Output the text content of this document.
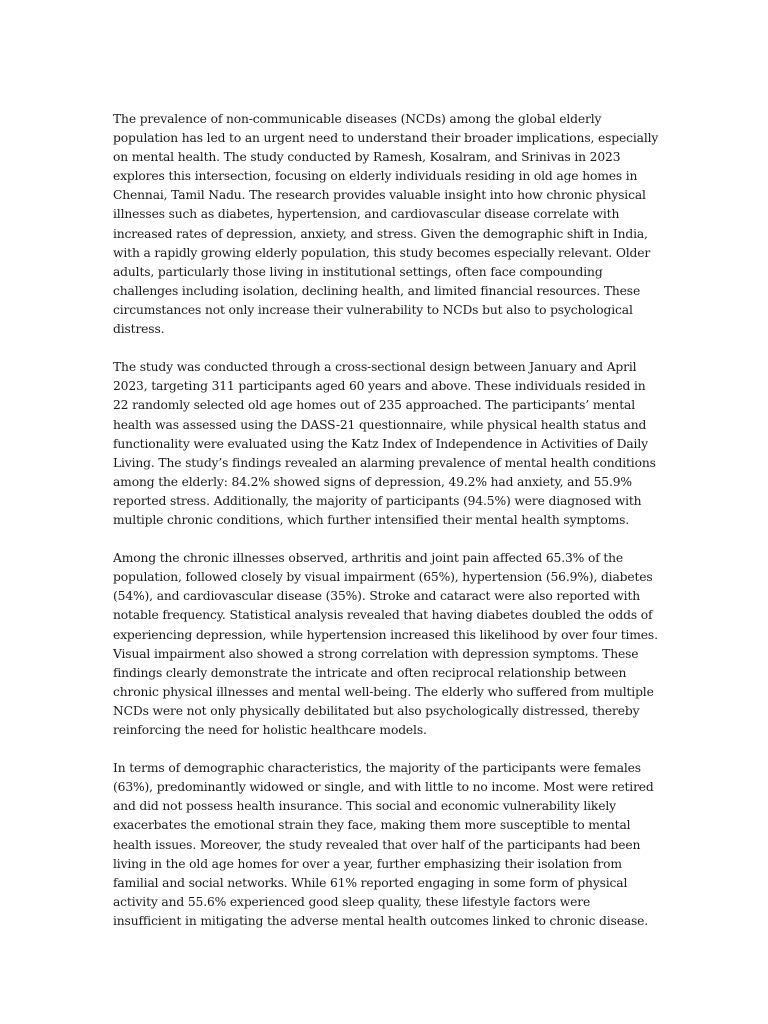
The prevalence of non-communicable diseases (NCDs) among the global elderly population has led to an urgent need to understand their broader implications, especially on mental health. The study conducted by Ramesh, Kosalram, and Srinivas in 2023 explores this intersection, focusing on elderly individuals residing in old age homes in Chennai, Tamil Nadu. The research provides valuable insight into how chronic physical illnesses such as diabetes, hypertension, and cardiovascular disease correlate with increased rates of depression, anxiety, and stress. Given the demographic shift in India, with a rapidly growing elderly population, this study becomes especially relevant. Older adults, particularly those living in institutional settings, often face compounding challenges including isolation, declining health, and limited financial resources. These circumstances not only increase their vulnerability to NCDs but also to psychological distress.

The study was conducted through a cross-sectional design between January and April 2023, targeting 311 participants aged 60 years and above. These individuals resided in 22 randomly selected old age homes out of 235 approached. The participants’ mental health was assessed using the DASS-21 questionnaire, while physical health status and functionality were evaluated using the Katz Index of Independence in Activities of Daily Living. The study’s findings revealed an alarming prevalence of mental health conditions among the elderly: 84.2% showed signs of depression, 49.2% had anxiety, and 55.9% reported stress. Additionally, the majority of participants (94.5%) were diagnosed with multiple chronic conditions, which further intensified their mental health symptoms.

Among the chronic illnesses observed, arthritis and joint pain affected 65.3% of the population, followed closely by visual impairment (65%), hypertension (56.9%), diabetes (54%), and cardiovascular disease (35%). Stroke and cataract were also reported with notable frequency. Statistical analysis revealed that having diabetes doubled the odds of experiencing depression, while hypertension increased this likelihood by over four times. Visual impairment also showed a strong correlation with depression symptoms. These findings clearly demonstrate the intricate and often reciprocal relationship between chronic physical illnesses and mental well-being. The elderly who suffered from multiple NCDs were not only physically debilitated but also psychologically distressed, thereby reinforcing the need for holistic healthcare models.

In terms of demographic characteristics, the majority of the participants were females (63%), predominantly widowed or single, and with little to no income. Most were retired and did not possess health insurance. This social and economic vulnerability likely exacerbates the emotional strain they face, making them more susceptible to mental health issues. Moreover, the study revealed that over half of the participants had been living in the old age homes for over a year, further emphasizing their isolation from familial and social networks. While 61% reported engaging in some form of physical activity and 55.6% experienced good sleep quality, these lifestyle factors were insufficient in mitigating the adverse mental health outcomes linked to chronic disease.
